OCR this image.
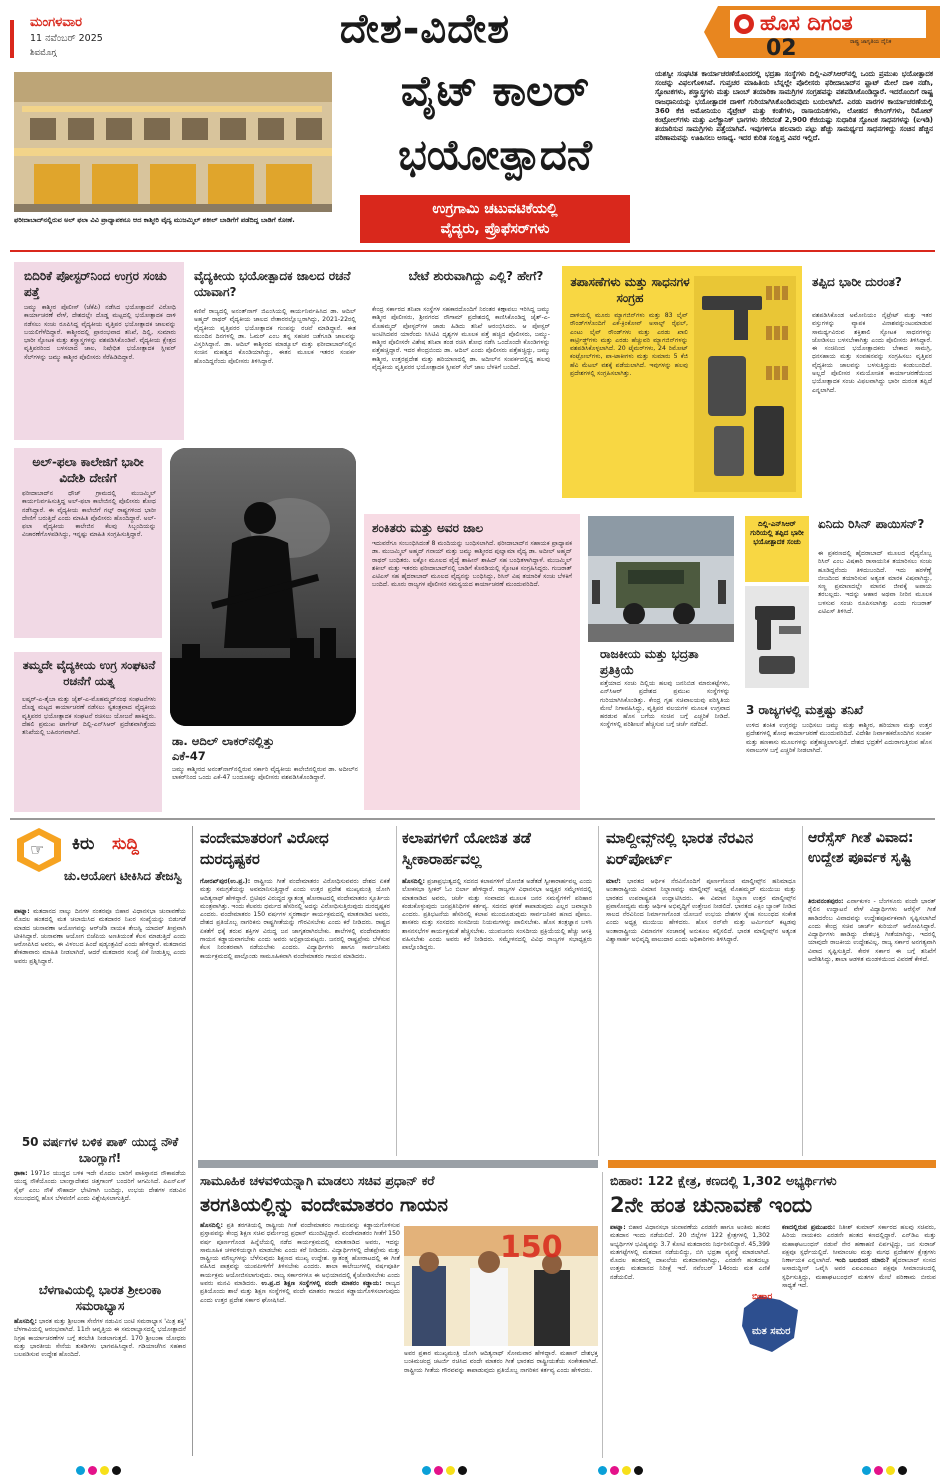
ಮಂಗಳವಾರ
11 ನವೆಂಬರ್ 2025
ಶಿವಮೊಗ್ಗ
ದೇಶ-ವಿದೇಶ	ಹೊಸ ದಿಗಂತ
ರಾಷ್ಟ್ರ ಜಾಗೃತಿಯ ದೈನಿಕ
02
ಫರೀದಾಬಾದ್‌ನಲ್ಲಿರುವ ಅಲ್ ಫಲಾ ವಿವಿ ಪ್ರಾಧ್ಯಾಪಕನೂ ಆದ ಕಾಶ್ಮೀರಿ ವೈದ್ಯ ಮುಜಮ್ಮಿಲ್ ಶಕೀಲ್ ಬಾಡಿಗೆಗೆ ಪಡೆದಿದ್ದ ಬಾಡಿಗೆ ಕೋಣೆ.
ವೈಟ್ ಕಾಲರ್
ಭಯೋತ್ಪಾದನೆ
ಉಗ್ರಗಾಮಿ ಚಟುವಟಿಕೆಯಲ್ಲಿ
ವೈದ್ಯರು, ಪ್ರೊಫೆಸರ್‌ಗಳು
ಯಶಸ್ವೀ ಸಂಘಟಿತ ಕಾರ್ಯಾಚರಣೆಯೊಂದರಲ್ಲಿ ಭದ್ರತಾ ಸಂಸ್ಥೆಗಳು ದಿಲ್ಲಿ-ಎನ್‌ಸಿಆರ್‌ನಲ್ಲಿ ಒಂದು ಪ್ರಮುಖ ಭಯೋತ್ಪಾದಕ ಸಂಚನ್ನು ವಿಫಲಗೊಳಿಸಿವೆ. ಗುಪ್ತಚರ ಮಾಹಿತಿಯ ಬೆನ್ನಲ್ಲೇ ಪೊಲೀಸರು ಫರೀದಾಬಾದ್‌ನ ಫ್ಲಾಟ್ ಮೇಲೆ ದಾಳಿ ನಡೆಸಿ, ಸ್ಫೋಟಕಗಳು, ಶಸ್ತ್ರಾಸ್ತ್ರಗಳು ಮತ್ತು ಬಾಂಬ್ ತಯಾರಿಕಾ ಸಾಮಗ್ರಿಗಳ ಸಂಗ್ರಹವನ್ನು ವಶಪಡಿಸಿಕೊಂಡಿದ್ದಾರೆ. ಇದರೊಂದಿಗೆ ರಾಷ್ಟ್ರ ರಾಜಧಾನಿಯನ್ನು ಭಯೋತ್ಪಾದಕ ದಾಳಿಗೆ ಗುರಿಯಾಗಿಸಿಕೊಂಡಿರುವುದು ಬಯಲಾಗಿದೆ. ಎರಡು ವಾರಗಳ ಕಾರ್ಯಾಚರಣೆಯಲ್ಲಿ 360 ಕೆಜಿ ಅಮೋನಿಯಂ ನೈಟ್ರೇಟ್ ಮತ್ತು ಕಂತೆಗಳು, ರಾಸಾಯನಿಕಗಳು, ಲೋಹದ ಕೇಸಿಂಗ್‌ಗಳು, ರಿಮೋಟ್ ಕಂಟ್ರೋಲ್‌ಗಳು ಮತ್ತು ಎಲೆಕ್ಟ್ರಾನಿಕ್ ಭಾಗಗಳು ಸೇರಿದಂತೆ 2,900 ಕೆಜಿಯಷ್ಟು ಸುಧಾರಿತ ಸ್ಫೋಟಕ ಸಾಧನಗಳನ್ನು (ಐಇಡಿ) ತಯಾರಿಸುವ ಸಾಮಗ್ರಿಗಳು ಪತ್ತೆಯಾಗಿವೆ. ಇವುಗಳಿಗೂ ಹಲವಾರು ಪಟ್ಟು ಹೆಚ್ಚು ಸಾಮರ್ಥ್ಯದ ಸಾಧನಗಳಿದ್ದು ಸಂಚಿನ ಹೆಚ್ಚಿನ ಪರಿಣಾಮವನ್ನು ಊಹಿಸಲು ಅಸಾಧ್ಯ. ಇದರ ಕುರಿತ ಸಂಕ್ಷಿಪ್ತ ವಿವರ ಇಲ್ಲಿದೆ.
ಬಿದಿರಿಕೆ ಪೋಸ್ಟರ್‌ನಿಂದ ಉಗ್ರರ ಸಂಚು ಪತ್ತೆ
ಜಮ್ಮು ಕಾಶ್ಮೀರ ಪೊಲೀಸ್ (ಜೆಕೆಪಿ) ನಡೆಸಿದ ಭಯೋತ್ಪಾದನೆ ವಿರೋಧಿ ಕಾರ್ಯಾಚರಣೆ ವೇಳೆ, ದೇಶದಲ್ಲೇ ದೊಡ್ಡ ಮಟ್ಟದಲ್ಲಿ ಭಯೋತ್ಪಾದಕ ದಾಳಿ ನಡೆಸಲು ಸಂಚು ರೂಪಿಸಿದ್ದ ವೈದ್ಯಕೀಯ ವೃತ್ತಿಪರ ಭಯೋತ್ಪಾದಕ ಜಾಲವನ್ನು ಬಯಲಿಗೆಳೆದಿದ್ದಾರೆ. ಕಾಶ್ಮೀರದಲ್ಲಿ ಪ್ರಾರಂಭವಾದ ತನಿಖೆ, ದಿಲ್ಲಿ, ಸುಮಾರು ಭಾರೀ ಸ್ಫೋಟಕ ಮತ್ತು ಶಸ್ತ್ರಾಸ್ತ್ರಗಳನ್ನು ವಶಪಡಿಸಿಕೊಂಡಿವೆ. ವೈದ್ಯಕೀಯ ಕ್ಷೇತ್ರದ ವೃತ್ತಿಪರರಿಂದ ಬಳಸಲಾದ ಜಾಲ, ನಿಷೇಧಿತ ಭಯೋತ್ಪಾದಕ ಸ್ಲೀಪರ್ ಸೆಲ್‌ಗಳನ್ನು ಜಮ್ಮು ಕಾಶ್ಮೀರ ಪೊಲೀಸರು ಸೆರೆಹಿಡಿದಿದ್ದಾರೆ.
ವೈದ್ಯಕೀಯ ಭಯೋತ್ಪಾದಕ ಜಾಲದ ರಚನೆ ಯಾವಾಗ?
ಕಣಿವೆ ರಾಜ್ಯದಲ್ಲಿ ಅನಂತ್‌ನಾಗ್ ಜಿಎಂಸಿಯಲ್ಲಿ ಕಾರ್ಯನಿರ್ವಹಿಸಿದ ಡಾ. ಆದಿಲ್ ಅಹ್ಮದ್ ರಾಥರ್ ವೈದ್ಯಕೀಯ ಜಾಲದ ನೇತಾರರಲ್ಲೊಬ್ಬರಾಗಿದ್ದು, 2021-22ರಲ್ಲಿ ವೈದ್ಯಕೀಯ ವೃತ್ತಿಪರರ ಭಯೋತ್ಪಾದಕ ಗುಂಪನ್ನು ರಚನೆ ಮಾಡಿದ್ದಾನೆ. ಈತ ಮುಂದಿನ ದಿನಗಳಲ್ಲಿ ಡಾ. ಓಮರ್ ಎಂಬ ತನ್ನ ಸಹಚರ ಜತೆಗೂಡಿ ಜಾಲವನ್ನು ವಿಸ್ತರಿಸಿದ್ದಾನೆ. ಡಾ. ಆದಿಲ್ ಕಾಶ್ಮೀರದ ಮಾಡ್ಯೂಲ್ ಮತ್ತು ಫರೀದಾಬಾದ್‌ನಲ್ಲಿನ ಸಂಚಿನ ಮಹತ್ವದ ಕೊಂಡಿಯಾಗಿದ್ದು, ಈತನ ಮೂಲಕ ಇತರರ ಸಂಪರ್ಕ ಹೊಂದಿದ್ದನೆಂದು ಪೊಲೀಸರು ತಿಳಿಸಿದ್ದಾರೆ.
ಬೇಟೆ ಶುರುವಾಗಿದ್ದು ಎಲ್ಲಿ? ಹೇಗೆ?
ಕೇಂದ್ರ ಸರ್ಕಾರದ ತನಿಖಾ ಸಂಸ್ಥೆಗಳ ಸಹಕಾರದೊಂದಿಗೆ ನಿರಂತರ ಕಣ್ಗಾವಲು ಇರಿಸಿದ್ದ ಜಮ್ಮು ಕಾಶ್ಮೀರ ಪೊಲೀಸರು, ಶ್ರೀನಗರದ ನೌಗಾಮ್ ಪ್ರದೇಶದಲ್ಲಿ ಕಾಣಿಸಿಕೊಂಡಿದ್ದ ಜೈಶ್-ಎ-ಮೊಹಮ್ಮದ್ ಪೋಸ್ಟರ್‌ಗಳ ಜಾಡು ಹಿಡಿದು ತನಿಖೆ ಆರಂಭಿಸಿದರು. ಆ ಪೋಸ್ಟರ್ ಅಂಟಿಸಿದವರ ಯಾರೆಂದು ಸಿಸಿಟಿವಿ ದೃಶ್ಯಗಳ ಮೂಲಕ ಪತ್ತೆ ಹಚ್ಚಿದ ಪೊಲೀಸರು, ಜಮ್ಮು-ಕಾಶ್ಮೀರ ಪೊಲೀಸರೇ ವಿಶೇಷ ತನಿಖಾ ತಂಡ ರಚಿಸಿ ಶೋಧ ನಡೆಸಿ ಒಂದೊಂದೇ ಕೊಂಡಿಗಳನ್ನು ಪತ್ತೆಹಚ್ಚಿದ್ದಾರೆ. ಇದರ ಕೇಂದ್ರಬಿಂದು ಡಾ. ಆದಿಲ್ ಎಂದು ಪೊಲೀಸರು ಪತ್ತೆಹಚ್ಚಿದ್ದು, ಜಮ್ಮು ಕಾಶ್ಮೀರ, ಉತ್ತರಪ್ರದೇಶ ಮತ್ತು ಹರಿಯಾಣದಲ್ಲಿ ಡಾ. ಅದೀಲ್‌ನ ಸಂಪರ್ಕದಲ್ಲಿದ್ದ ಹಲವು ವೈದ್ಯಕೀಯ ವೃತ್ತಿಪರರ ಭಯೋತ್ಪಾದಕ ಸ್ಲೀಪರ್ ಸೆಲ್ ಜಾಲ ಬೆಳಕಿಗೆ ಬಂದಿದೆ.
ತಪಾಸಣೆಗಳು ಮತ್ತು ಸಾಧನಗಳ ಸಂಗ್ರಹ
ದಾಳಿಯಲ್ಲಿ ಮೂರು ಮ್ಯಾಗಜಿನ್‌ಗಳು ಮತ್ತು 83 ಲೈವ್ ರೌಂಡ್‌ಗಳೊಂದಿಗೆ ಎಕೆ-ಕ್ರಿಂಕೋವ್ ಅಸಾಲ್ಟ್ ರೈಫಲ್, ಎಂಟು ಲೈವ್ ರೌಂಡ್‌ಗಳು ಮತ್ತು ಎರಡು ಖಾಲಿ ಕಾರ್ಟ್ರಿಡ್ಜ್‌ಗಳು ಮತ್ತು ಎರಡು ಹೆಚ್ಚುವರಿ ಮ್ಯಾಗಜಿನ್‌ಗಳನ್ನು ವಶಪಡಿಸಿಕೊಳ್ಳಲಾಗಿದೆ. 20 ಟೈಮರ್‌ಗಳು, 24 ರಿಮೋಟ್ ಕಂಟ್ರೋಲ್‌ಗಳು, ಪಾ-ಟಾಕೀಗಳು ಮತ್ತು ಸುಮಾರು 5 ಕೆಜಿ ಹೆವಿ ಮೆಟಲ್ ವಶಕ್ಕೆ ಪಡೆಯಲಾಗಿದೆ. ಇವುಗಳನ್ನು ಹಲವು ಪ್ರದೇಶಗಳಲ್ಲಿ ಸಂಗ್ರಹಿಸಲಾಗಿತ್ತು.
ತಪ್ಪಿದ ಭಾರೀ ದುರಂತ?
ವಶಪಡಿಸಿಕೊಂಡ ಅಮೋನಿಯಂ ನೈಟ್ರೇಟ್ ಮತ್ತು ಇತರ ವಸ್ತುಗಳನ್ನು ವ್ಯಾಪಕ ವಿನಾಶವನ್ನುಂಟುಮಾಡುವ ಸಾಮರ್ಥ್ಯವಿರುವ ಶಕ್ತಿಶಾಲಿ ಸ್ಫೋಟಕ ಸಾಧನಗಳನ್ನು ಜೋಡಿಸಲು ಬಳಸಬೇಕಾಗಿತ್ತು ಎಂದು ಪೊಲೀಸರು ತಿಳಿಸಿದ್ದಾರೆ. ಈ ಸಂಚಿನಿಂದ ಭಯೋತ್ಪಾದಕರು ಬೇಕಾದ ಸಾಮಗ್ರಿ, ಧನಸಹಾಯ ಮತ್ತು ಸಂವಹನವನ್ನು ಸಂಗ್ರಹಿಸಲು ವೃತ್ತಿಪರ ವೈದ್ಯಕೀಯ ಜಾಲವನ್ನು ಬಳಸುತ್ತಿದ್ದುದು ಕಂಡುಬಂದಿದೆ. ಅಲ್ಲದೆ ಪೊಲೀಸರ ಸಮಯೋಚಿತ ಕಾರ್ಯಾಚರಣೆಯಿಂದ ಭಯೋತ್ಪಾದಕ ಸಂಚು ವಿಫಲವಾಗಿದ್ದು ಭಾರೀ ದುರಂತ ತಪ್ಪಿದೆ ಎನ್ನಲಾಗಿದೆ.
ಅಲ್-ಫಲಾ ಕಾಲೇಜಿಗೆ ಭಾರೀ ವಿದೇಶಿ ದೇಣಿಗೆ
ಫರೀದಾಬಾದ್‌ನ ಧೌಜ್ ಗ್ರಾಮದಲ್ಲಿ ಮುಜಮ್ಮಿಲ್ ಕಾರ್ಯನಿರ್ವಹಿಸುತ್ತಿದ್ದ ಅಲ್-ಫಲಾ ಕಾಲೇಜಿನಲ್ಲಿ ಪೊಲೀಸರು ಶೋಧ ನಡೆಸಿದ್ದಾರೆ. ಈ ವೈದ್ಯಕೀಯ ಕಾಲೇಜಿಗೆ ಗಲ್ಫ್ ರಾಷ್ಟ್ರಗಳಿಂದ ಭಾರೀ ದೇಣಿಗೆ ಬರುತ್ತಿದೆ ಎಂದು ಮಾಹಿತಿ ಪೊಲೀಸರು ಹೊಂದಿದ್ದಾರೆ. ಅಲ್-ಫಲಾ ವೈದ್ಯಕೀಯ ಕಾಲೇಜಿನ ಕೆಲವು ಸಿಬ್ಬಂದಿಯನ್ನು ವಿಚಾರಣೆಗೊಳಪಡಿಸಿದ್ದು, ಇನ್ನಷ್ಟು ಮಾಹಿತಿ ಸಂಗ್ರಹಿಸುತ್ತಿದ್ದಾರೆ.	ಶಂಕಿತರು ಮತ್ತು ಅವರ ಜಾಲ
ಇದುವರೆಗೂ ಸಂಬಂಧಿಸಿದಂತೆ 8 ಮಂದಿಯನ್ನು ಬಂಧಿಸಲಾಗಿದೆ. ಫರೀದಾಬಾದ್‌ನ ಸಹಾಯಕ ಪ್ರಾಧ್ಯಾಪಕ ಡಾ. ಮುಜಮ್ಮಿಲ್ ಅಹ್ಮದ್ ಗನಾಯ್ ಮತ್ತು ಜಮ್ಮು ಕಾಶ್ಮೀರದ ಪುಲ್ವಾಮಾ ವೈದ್ಯ ಡಾ. ಅದೀಲ್ ಅಹ್ಮದ್ ರಾಥರ್ ಬಂಧಿತರು. ಲಕ್ನೋ ಮೂಲದ ವೈದ್ಯೆ ಶಾಹೀನ್ ಶಾಹಿದ್ ಸಹ ಬಂಧಿತಳಾಗಿದ್ದಾಳೆ. ಮುಜಮ್ಮಿಲ್ ಶಕೀಲ್ ಮತ್ತು ಇತರರು ಫರೀದಾಬಾದ್‌ನಲ್ಲಿ ಬಾಡಿಗೆ ಕೊಠಡಿಯಲ್ಲಿ ಸ್ಫೋಟಕ ಸಂಗ್ರಹಿಸಿದ್ದರು. ಗುಜರಾತ್ ಎಟಿಎಸ್ ಸಹ ಹೈದರಾಬಾದ್ ಮೂಲದ ವೈದ್ಯನನ್ನು ಬಂಧಿಸಿದ್ದು, ರಿಸಿನ್ ವಿಷ ತಯಾರಿಕೆ ಸಂಚು ಬೆಳಕಿಗೆ ಬಂದಿದೆ. ಮೂರು ರಾಜ್ಯಗಳ ಪೊಲೀಸರ ಸಮನ್ವಯದ ಕಾರ್ಯಾಚರಣೆ ಮುಂದುವರಿದಿದೆ.
ರಾಜಕೀಯ ಮತ್ತು ಭದ್ರತಾ ಪ್ರತಿಕ್ರಿಯೆ
ಪತ್ತೆಯಾದ ಸಂಚು ದಿಲ್ಲಿಯ ಹಲವು ಜನನಿಬಿಡ ಮಾರುಕಟ್ಟೆಗಳು, ಎನ್‌ಸಿಆರ್ ಪ್ರದೇಶದ ಪ್ರಮುಖ ಸಂಸ್ಥೆಗಳನ್ನು ಗುರಿಯಾಗಿಸಿಕೊಂಡಿತ್ತು. ಕೇಂದ್ರ ಗೃಹ ಸಚಿವಾಲಯವು ಪರಿಸ್ಥಿತಿಯ ಮೇಲೆ ನಿಗಾವಹಿಸಿದ್ದು, ವೃತ್ತಿಪರ ವಲಯಗಳ ಮೂಲಕ ಉಗ್ರವಾದ ಹರಡುವ ಹೊಸ ಬಗೆಯ ಸಂಚಿನ ಬಗ್ಗೆ ಎಚ್ಚರಿಕೆ ನೀಡಿದೆ. ಸಂಸ್ಥೆಗಳಲ್ಲಿ ಪರಿಶೀಲನೆ ಹೆಚ್ಚಿಸುವ ಬಗ್ಗೆ ಚರ್ಚೆ ನಡೆದಿದೆ.
ದಿಲ್ಲಿ-ಎನ್‌ಸಿಆರ್ ಗುರಿಯಲ್ಲಿ ತಪ್ಪಿದ ಭಾರೀ ಭಯೋತ್ಪಾದಕ ಸಂಚು
ಏನಿದು ರಿಸಿನ್ ಪಾಯಿಸನ್?
ಈ ಪ್ರಕರಣದಲ್ಲಿ ಹೈದರಾಬಾದ್ ಮೂಲದ ವೈದ್ಯನೊಬ್ಬ ರಿಸಿನ್ ಎಂಬ ವಿಷಕಾರಿ ರಾಸಾಯನಿಕ ತಯಾರಿಸಲು ಸಂಚು ಹೂಡಿದ್ದನೆಂದು ತಿಳಿದುಬಂದಿದೆ. ಇದು ಹರಳೆಣ್ಣೆ ಬೀಜದಿಂದ ತಯಾರಿಸುವ ಅತ್ಯಂತ ಮಾರಕ ವಿಷವಾಗಿದ್ದು, ಸಣ್ಣ ಪ್ರಮಾಣದಲ್ಲೇ ಮಾನವ ಜೀವಕ್ಕೆ ಅಪಾಯ ತರಬಲ್ಲದು. ಇದನ್ನು ಆಹಾರ ಅಥವಾ ನೀರಿನ ಮೂಲಕ ಬಳಸುವ ಸಂಚು ರೂಪಿಸಲಾಗಿತ್ತು ಎಂದು ಗುಜರಾತ್ ಎಟಿಎಸ್ ತಿಳಿಸಿದೆ.
3 ರಾಜ್ಯಗಳಲ್ಲಿ ಮತ್ತಷ್ಟು ತನಿಖೆ
ಉಳಿದ ಶಂಕಿತ ಉಗ್ರರನ್ನು ಬಂಧಿಸಲು ಜಮ್ಮು ಮತ್ತು ಕಾಶ್ಮೀರ, ಹರಿಯಾಣ ಮತ್ತು ಉತ್ತರ ಪ್ರದೇಶಗಳಲ್ಲಿ ಶೋಧ ಕಾರ್ಯಾಚರಣೆ ಮುಂದುವರಿದಿದೆ. ವಿದೇಶೀ ನಿರ್ವಾಹಕರೊಂದಿಗಿನ ಸಂಪರ್ಕ ಮತ್ತು ಹಣಕಾಸು ಮೂಲಗಳನ್ನು ಪತ್ತೆಹಚ್ಚಲಾಗುತ್ತಿದೆ. ದೇಶದ ಭದ್ರತೆಗೆ ಎದುರಾಗುತ್ತಿರುವ ಹೊಸ ಸವಾಲುಗಳ ಬಗ್ಗೆ ಎಚ್ಚರಿಕೆ ನೀಡಲಾಗಿದೆ.
ತಮ್ಮದೇ ವೈದ್ಯಕೀಯ ಉಗ್ರ ಸಂಘಟನೆ ರಚನೆಗೆ ಯತ್ನ
ಲಷ್ಕರ್-ಎ-ತೈಬಾ ಮತ್ತು ಜೈಶ್-ಎ-ಮೊಹಮ್ಮದ್‌ನಂಥ ಸಂಘಟನೆಗಳು ದೊಡ್ಡ ಮಟ್ಟದ ಕಾರ್ಯಾಚರಣೆ ನಡೆಸಲು ಸ್ವತಂತ್ರವಾದ ವೈದ್ಯಕೀಯ ವೃತ್ತಿಪರರ ಭಯೋತ್ಪಾದಕ ಸಂಘಟನೆ ರಚಿಸಲು ಯೋಜನೆ ಹಾಕಿದ್ದರು. ದೆಹಲಿ ಪ್ರಮುಖ ಟಾರ್ಗೆಟ್ ದಿಲ್ಲಿ-ಎನ್‌ಸಿಆರ್ ಪ್ರದೇಶವಾಗಿತ್ತೆಂದು ತನಿಖೆಯಲ್ಲಿ ಬಹಿರಂಗವಾಗಿದೆ.
ಡಾ. ಆದಿಲ್ ಲಾಕರ್‌ನಲ್ಲಿತ್ತು ಎಕೆ-47
ಜಮ್ಮು ಕಾಶ್ಮೀರದ ಅನಂತ್‌ನಾಗ್‌ನಲ್ಲಿರುವ ಸರ್ಕಾರಿ ವೈದ್ಯಕೀಯ ಕಾಲೇಜಿನಲ್ಲಿರುವ ಡಾ. ಅದೀಲ್‌ನ ಲಾಕರ್‌ನಿಂದ ಒಂದು ಎಕೆ-47 ಬಂದೂಕನ್ನು ಪೊಲೀಸರು ವಶಪಡಿಸಿಕೊಂಡಿದ್ದಾರೆ.
☞ ಕಿರು ಸುದ್ದಿ
ಚು.ಆಯೋಗ ಟೀಕಿಸಿದ ತೇಜಸ್ವಿ
ಪಾಟ್ನಾ: ಮತದಾನದ ನಾಲ್ಕು ದಿನಗಳ ನಂತರವೂ ಬಿಹಾರ ವಿಧಾನಸಭಾ ಚುನಾವಣೆಯ ಮೊದಲ ಹಂತದಲ್ಲಿ ಮತ ಚಲಾಯಿಸಿದ ಮತದಾರರ ನಿಖರ ಸಂಖ್ಯೆಯನ್ನು ಬಿಡುಗಡೆ ಮಾಡದ ಚುನಾವಣಾ ಆಯೋಗವನ್ನು ಆರ್‌ಜೆಡಿ ನಾಯಕ ತೇಜಸ್ವಿ ಯಾದವ್ ತೀವ್ರವಾಗಿ ಟೀಕಿಸಿದ್ದಾರೆ. ಚುನಾವಣಾ ಆಯೋಗ ಬಿಜೆಪಿಯ ಅಣತಿಯಂತೆ ಕೆಲಸ ಮಾಡುತ್ತಿದೆ ಎಂದು ಆರೋಪಿಸಿದ ಅವರು, ಈ ವಿಳಂಬದ ಹಿಂದೆ ಷಡ್ಯಂತ್ರವಿದೆ ಎಂದು ಹೇಳಿದ್ದಾರೆ. ಮತದಾನದ ಶೇಕಡಾವಾರು ಮಾಹಿತಿ ನೀಡಲಾಗಿದೆ, ಆದರೆ ಮತದಾರರ ಸಂಖ್ಯೆ ಏಕೆ ನೀಡುತ್ತಿಲ್ಲ ಎಂದು ಅವರು ಪ್ರಶ್ನಿಸಿದ್ದಾರೆ.
50 ವರ್ಷಗಳ ಬಳಿಕ ಪಾಕ್ ಯುದ್ಧ ನೌಕೆ ಬಾಂಗ್ಲಾಗೆ!
ಢಾಕಾ: 1971ರ ಯುದ್ಧದ ಬಳಿಕ ಇದೇ ಮೊದಲ ಬಾರಿಗೆ ಪಾಕಿಸ್ತಾನದ ನೌಕಾಪಡೆಯ ಯುದ್ಧ ನೌಕೆಯೊಂದು ಬಾಂಗ್ಲಾದೇಶದ ಚಿತ್ತಗಾಂಗ್ ಬಂದರಿಗೆ ಆಗಮಿಸಿದೆ. ಪಿಎನ್‌ಎಸ್ ಸೈಫ್ ಎಂಬ ನೌಕೆ ಸೌಹಾರ್ದ ಭೇಟಿಗಾಗಿ ಬಂದಿದ್ದು, ಉಭಯ ದೇಶಗಳ ನಡುವಿನ ಸಂಬಂಧದಲ್ಲಿ ಹೊಸ ಬೆಳವಣಿಗೆ ಎಂದು ವಿಶ್ಲೇಷಿಸಲಾಗುತ್ತಿದೆ.
ಬೆಳಗಾವಿಯಲ್ಲಿ ಭಾರತ ಶ್ರೀಲಂಕಾ ಸಮರಾಭ್ಯಾಸ
ಹೊಸದಿಲ್ಲಿ: ಭಾರತ ಮತ್ತು ಶ್ರೀಲಂಕಾ ಸೇನೆಗಳ ನಡುವಿನ ಜಂಟಿ ಸಮರಾಭ್ಯಾಸ 'ಮಿತ್ರ ಶಕ್ತಿ' ಬೆಳಗಾವಿಯಲ್ಲಿ ಆರಂಭವಾಗಿದೆ. 11ನೇ ಆವೃತ್ತಿಯ ಈ ಸಮರಾಭ್ಯಾಸದಲ್ಲಿ ಭಯೋತ್ಪಾದನೆ ನಿಗ್ರಹ ಕಾರ್ಯಾಚರಣೆಗಳ ಬಗ್ಗೆ ತರಬೇತಿ ನೀಡಲಾಗುತ್ತದೆ. 170 ಶ್ರೀಲಂಕಾ ಯೋಧರು ಮತ್ತು ಭಾರತೀಯ ಸೇನೆಯ ತುಕಡಿಗಳು ಭಾಗವಹಿಸಿದ್ದಾರೆ. ಗಡಿಯಾಚೆಗಿನ ಸಹಕಾರ ಬಲಪಡಿಸುವ ಉದ್ದೇಶ ಹೊಂದಿದೆ.
ವಂದೇಮಾತರಂಗೆ ವಿರೋಧ ದುರದೃಷ್ಟಕರ
ಗೋರಖ್‌ಪುರ(ಉ.ಪ್ರ.): ರಾಷ್ಟ್ರೀಯ ಗೀತೆ ವಂದೇಮಾತರಂ ವಿರೋಧಿಸುವವರು ದೇಶದ ಏಕತೆ ಮತ್ತು ಸಮಗ್ರತೆಯನ್ನು ಅವಮಾನಿಸುತ್ತಿದ್ದಾರೆ ಎಂದು ಉತ್ತರ ಪ್ರದೇಶ ಮುಖ್ಯಮಂತ್ರಿ ಯೋಗಿ ಆದಿತ್ಯನಾಥ್ ಹೇಳಿದ್ದಾರೆ. ಬ್ರಿಟಿಷರ ವಿರುದ್ಧದ ಸ್ವಾತಂತ್ರ್ಯ ಹೋರಾಟದಲ್ಲಿ ವಂದೇಮಾತರಂ ಸ್ಫೂರ್ತಿಯ ಮಂತ್ರವಾಗಿತ್ತು. ಇಂದು ಕೆಲವರು ಧರ್ಮದ ಹೆಸರಿನಲ್ಲಿ ಅದನ್ನು ವಿರೋಧಿಸುತ್ತಿರುವುದು ದುರದೃಷ್ಟಕರ ಎಂದರು. ವಂದೇಮಾತರಂ 150 ವರ್ಷಗಳ ಸ್ಮರಣಾರ್ಥ ಕಾರ್ಯಕ್ರಮದಲ್ಲಿ ಮಾತನಾಡಿದ ಅವರು, ದೇಶದ ಪ್ರತಿಯೊಬ್ಬ ನಾಗರಿಕನು ರಾಷ್ಟ್ರಗೀತೆಯನ್ನು ಗೌರವಿಸಬೇಕು ಎಂದು ಕರೆ ನೀಡಿದರು. ರಾಷ್ಟ್ರದ ಏಕತೆಗೆ ಧಕ್ಕೆ ತರುವ ಶಕ್ತಿಗಳ ವಿರುದ್ಧ ಜನ ಜಾಗೃತರಾಗಿರಬೇಕು. ಶಾಲೆಗಳಲ್ಲಿ ವಂದೇಮಾತರಂ ಗಾಯನ ಕಡ್ಡಾಯವಾಗಬೇಕು ಎಂದು ಅವರು ಅಭಿಪ್ರಾಯಪಟ್ಟರು. ಜನರಲ್ಲಿ ರಾಷ್ಟ್ರಪ್ರೇಮ ಬೆಳೆಸುವ ಕೆಲಸ ನಿರಂತರವಾಗಿ ನಡೆಯಬೇಕು ಎಂದರು. ವಿದ್ಯಾರ್ಥಿಗಳು ಹಾಗೂ ಸಾರ್ವಜನಿಕರು ಕಾರ್ಯಕ್ರಮದಲ್ಲಿ ಪಾಲ್ಗೊಂಡು ಸಾಮೂಹಿಕವಾಗಿ ವಂದೇಮಾತರಂ ಗಾಯನ ಮಾಡಿದರು.
ಕಲಾಪಗಳಿಗೆ ಯೋಜಿತ ತಡೆ ಸ್ವೀಕಾರಾರ್ಹವಲ್ಲ
ಹೊಸದಿಲ್ಲಿ: ಪ್ರಜಾಪ್ರಭುತ್ವದಲ್ಲಿ ಸದನದ ಕಲಾಪಗಳಿಗೆ ಯೋಜಿತ ಅಡೆತಡೆ ಸ್ವೀಕಾರಾರ್ಹವಲ್ಲ ಎಂದು ಲೋಕಸಭಾ ಸ್ಪೀಕರ್ ಓಂ ಬಿರ್ಲಾ ಹೇಳಿದ್ದಾರೆ. ರಾಜ್ಯಗಳ ವಿಧಾನಸಭಾ ಅಧ್ಯಕ್ಷರ ಸಮ್ಮೇಳನದಲ್ಲಿ ಮಾತನಾಡಿದ ಅವರು, ಚರ್ಚೆ ಮತ್ತು ಸಂವಾದದ ಮೂಲಕ ಜನರ ಸಮಸ್ಯೆಗಳಿಗೆ ಪರಿಹಾರ ಕಂಡುಕೊಳ್ಳುವುದು ಜನಪ್ರತಿನಿಧಿಗಳ ಕರ್ತವ್ಯ. ಸದನದ ಘನತೆ ಕಾಪಾಡುವುದು ಎಲ್ಲರ ಜವಾಬ್ದಾರಿ ಎಂದರು. ಪ್ರತಿಭಟನೆಯ ಹೆಸರಿನಲ್ಲಿ ಕಲಾಪ ಮುಂದೂಡುವುದು ಸಾರ್ವಜನಿಕರ ಹಣದ ಪೋಲು. ಶಾಸಕರು ಮತ್ತು ಸಂಸದರು ಸಂಸದೀಯ ನಿಯಮಗಳನ್ನು ಪಾಲಿಸಬೇಕು. ಹೊಸ ತಂತ್ರಜ್ಞಾನ ಬಳಸಿ ಶಾಸನಸಭೆಗಳ ಕಾರ್ಯಕ್ಷಮತೆ ಹೆಚ್ಚಿಸಬೇಕು. ಯುವಜನರು ಸಂಸದೀಯ ಪ್ರಕ್ರಿಯೆಯಲ್ಲಿ ಹೆಚ್ಚು ಆಸಕ್ತಿ ವಹಿಸಬೇಕು ಎಂದು ಅವರು ಕರೆ ನೀಡಿದರು. ಸಮ್ಮೇಳನದಲ್ಲಿ ವಿವಿಧ ರಾಜ್ಯಗಳ ಸಭಾಧ್ಯಕ್ಷರು ಪಾಲ್ಗೊಂಡಿದ್ದರು.
ಮಾಲ್ದೀವ್ಸ್‌ನಲ್ಲಿ ಭಾರತ ನೆರವಿನ ಏರ್‌ಪೋರ್ಟ್
ಮಾಲೆ: ಭಾರತದ ಆರ್ಥಿಕ ನೆರವಿನೊಂದಿಗೆ ಪೂರ್ಣಗೊಂಡ ಮಾಲ್ದೀವ್ಸ್‌ನ ಹನಿಮಾಧೂ ಅಂತಾರಾಷ್ಟ್ರೀಯ ವಿಮಾನ ನಿಲ್ದಾಣವನ್ನು ಮಾಲ್ದೀವ್ಸ್ ಅಧ್ಯಕ್ಷ ಮೊಹಮ್ಮದ್ ಮುಯಿಜು ಮತ್ತು ಭಾರತದ ಉಪರಾಷ್ಟ್ರಪತಿ ಉದ್ಘಾಟಿಸಿದರು. ಈ ವಿಮಾನ ನಿಲ್ದಾಣ ಉತ್ತರ ಮಾಲ್ದೀವ್ಸ್‌ನ ಪ್ರವಾಸೋದ್ಯಮ ಮತ್ತು ಆರ್ಥಿಕ ಅಭಿವೃದ್ಧಿಗೆ ಉತ್ತೇಜನ ನೀಡಲಿದೆ. ಭಾರತದ ಎಕ್ಸಿಂ ಬ್ಯಾಂಕ್ ನೀಡಿದ ಸಾಲದ ನೆರವಿನಿಂದ ನಿರ್ಮಾಣಗೊಂಡ ಯೋಜನೆ ಉಭಯ ದೇಶಗಳ ಸ್ನೇಹ ಸಂಬಂಧದ ಸಂಕೇತ ಎಂದು ಅಧ್ಯಕ್ಷ ಮುಯಿಜು ಹೇಳಿದರು. ಹೊಸ ರನ್‌ವೇ ಮತ್ತು ಟರ್ಮಿನಲ್ ಕಟ್ಟಡವು ಅಂತಾರಾಷ್ಟ್ರೀಯ ವಿಮಾನಗಳ ಸಂಚಾರಕ್ಕೆ ಅನುಕೂಲ ಕಲ್ಪಿಸಲಿದೆ. ಭಾರತ ಮಾಲ್ದೀವ್ಸ್‌ನ ಅತ್ಯಂತ ವಿಶ್ವಾಸಾರ್ಹ ಅಭಿವೃದ್ಧಿ ಪಾಲುದಾರ ಎಂದು ಅಧಿಕಾರಿಗಳು ತಿಳಿಸಿದ್ದಾರೆ.
ಆರೆಸ್ಸೆಸ್ ಗೀತೆ ವಿವಾದ: ಉದ್ದೇಶ ಪೂರ್ವಕ ಸೃಷ್ಟಿ
ತಿರುವನಂತಪುರಂ: ಎರ್ನಾಕುಳಂ - ಬೆಂಗಳೂರು ವಂದೇ ಭಾರತ್ ರೈಲಿನ ಉದ್ಘಾಟನೆ ವೇಳೆ ವಿದ್ಯಾರ್ಥಿಗಳು ಆರೆಸ್ಸೆಸ್ ಗೀತೆ ಹಾಡಿದರೆಂಬ ವಿವಾದವನ್ನು ಉದ್ದೇಶಪೂರ್ವಕವಾಗಿ ಸೃಷ್ಟಿಸಲಾಗಿದೆ ಎಂದು ಕೇಂದ್ರ ಸಚಿವ ಜಾರ್ಜ್ ಕುರಿಯನ್ ಆರೋಪಿಸಿದ್ದಾರೆ. ವಿದ್ಯಾರ್ಥಿಗಳು ಹಾಡಿದ್ದು ದೇಶಭಕ್ತಿ ಗೀತೆಯಾಗಿದ್ದು, ಇದರಲ್ಲಿ ಯಾವುದೇ ರಾಜಕೀಯ ಉದ್ದೇಶವಿಲ್ಲ. ರಾಜ್ಯ ಸರ್ಕಾರ ಅನಗತ್ಯವಾಗಿ ವಿವಾದ ಸೃಷ್ಟಿಸುತ್ತಿದೆ. ಕೇರಳ ಸರ್ಕಾರ ಈ ಬಗ್ಗೆ ತನಿಖೆಗೆ ಆದೇಶಿಸಿದ್ದು, ಶಾಲಾ ಆಡಳಿತ ಮಂಡಳಿಯಿಂದ ವಿವರಣೆ ಕೇಳಿದೆ.
ಸಾಮೂಹಿಕ ಚಳವಳಿಯನ್ನಾಗಿ ಮಾಡಲು ಸಚಿವ ಪ್ರಧಾನ್ ಕರೆ
ತರಗತಿಯಲ್ಲಿನ್ನು ವಂದೇಮಾತರಂ ಗಾಯನ
ಹೊಸದಿಲ್ಲಿ: ಪ್ರತಿ ತರಗತಿಯಲ್ಲಿ ರಾಷ್ಟ್ರೀಯ ಗೀತೆ ವಂದೇಮಾತರಂ ಗಾಯನವನ್ನು ಕಡ್ಡಾಯಗೊಳಿಸುವ ಪ್ರಸ್ತಾಪವನ್ನು ಕೇಂದ್ರ ಶಿಕ್ಷಣ ಸಚಿವ ಧರ್ಮೇಂದ್ರ ಪ್ರಧಾನ್ ಮುಂದಿಟ್ಟಿದ್ದಾರೆ. ವಂದೇಮಾತರಂ ಗೀತೆಗೆ 150 ವರ್ಷ ಪೂರ್ಣಗೊಂಡ ಹಿನ್ನೆಲೆಯಲ್ಲಿ ನಡೆದ ಕಾರ್ಯಕ್ರಮದಲ್ಲಿ ಮಾತನಾಡಿದ ಅವರು, ಇದನ್ನು ಸಾಮೂಹಿಕ ಚಳವಳಿಯನ್ನಾಗಿ ಮಾಡಬೇಕು ಎಂದು ಕರೆ ನೀಡಿದರು. ವಿದ್ಯಾರ್ಥಿಗಳಲ್ಲಿ ದೇಶಪ್ರೇಮ ಮತ್ತು ರಾಷ್ಟ್ರೀಯ ಮೌಲ್ಯಗಳನ್ನು ಬೆಳೆಸುವುದು ಶಿಕ್ಷಣದ ಮುಖ್ಯ ಉದ್ದೇಶ. ಸ್ವಾತಂತ್ರ್ಯ ಹೋರಾಟದಲ್ಲಿ ಈ ಗೀತೆ ವಹಿಸಿದ ಪಾತ್ರವನ್ನು ಯುವಪೀಳಿಗೆಗೆ ತಿಳಿಸಬೇಕು ಎಂದರು. ಶಾಲಾ ಕಾಲೇಜುಗಳಲ್ಲಿ ವರ್ಷಪೂರ್ತಿ ಕಾರ್ಯಕ್ರಮ ಆಯೋಜಿಸಲಾಗುವುದು. ರಾಜ್ಯ ಸರ್ಕಾರಗಳೂ ಈ ಅಭಿಯಾನದಲ್ಲಿ ಕೈಜೋಡಿಸಬೇಕು ಎಂದು ಅವರು ಮನವಿ ಮಾಡಿದರು. ಉ.ಪ್ರ.ದ ಶಿಕ್ಷಣ ಸಂಸ್ಥೆಗಳಲ್ಲಿ ವಂದೇ ಮಾತರಂ ಕಡ್ಡಾಯ: ರಾಜ್ಯದ ಪ್ರತಿಯೊಂದು ಶಾಲೆ ಮತ್ತು ಶಿಕ್ಷಣ ಸಂಸ್ಥೆಗಳಲ್ಲಿ ವಂದೇ ಮಾತರಂ ಗಾಯನ ಕಡ್ಡಾಯಗೊಳಿಸಲಾಗುವುದು ಎಂದು ಉತ್ತರ ಪ್ರದೇಶ ಸರ್ಕಾರ ಘೋಷಿಸಿದೆ.
150
ಅವರ ಪ್ರಕಾರ ಮುಖ್ಯಮಂತ್ರಿ ಯೋಗಿ ಆದಿತ್ಯನಾಥ್ ಸೋಮವಾರ ಹೇಳಿದ್ದಾರೆ. ಮಹಾನ್ ದೇಶಭಕ್ತ ಬಂಕಿಮಚಂದ್ರ ಚಟರ್ಜಿ ರಚಿಸಿದ ವಂದೇ ಮಾತರಂ ಗೀತೆ ಭಾರತದ ರಾಷ್ಟ್ರೀಯತೆಯ ಸಂಕೇತವಾಗಿದೆ. ರಾಷ್ಟ್ರೀಯ ಗೀತೆಯ ಗೌರವವನ್ನು ಕಾಪಾಡುವುದು ಪ್ರತಿಯೊಬ್ಬ ನಾಗರಿಕನ ಕರ್ತವ್ಯ ಎಂದು ಹೇಳಿದರು.
ಬಿಹಾರ: 122 ಕ್ಷೇತ್ರ, ಕಣದಲ್ಲಿ 1,302 ಅಭ್ಯರ್ಥಿಗಳು
2ನೇ ಹಂತ ಚುನಾವಣೆ ಇಂದು
ಪಾಟ್ನಾ: ಬಿಹಾರ ವಿಧಾನಸಭಾ ಚುನಾವಣೆಯ ಎರಡನೇ ಹಾಗೂ ಅಂತಿಮ ಹಂತದ ಮತದಾನ ಇಂದು ನಡೆಯಲಿದೆ. 20 ಜಿಲ್ಲೆಗಳ 122 ಕ್ಷೇತ್ರಗಳಲ್ಲಿ 1,302 ಅಭ್ಯರ್ಥಿಗಳ ಭವಿಷ್ಯವನ್ನು 3.7 ಕೋಟಿ ಮತದಾರರು ನಿರ್ಧರಿಸಲಿದ್ದಾರೆ. 45,399 ಮತಗಟ್ಟೆಗಳಲ್ಲಿ ಮತದಾನ ನಡೆಯಲಿದ್ದು, ಬಿಗಿ ಭದ್ರತಾ ವ್ಯವಸ್ಥೆ ಮಾಡಲಾಗಿದೆ. ಮೊದಲ ಹಂತದಲ್ಲಿ ದಾಖಲೆಯ ಮತದಾನವಾಗಿದ್ದು, ಎರಡನೇ ಹಂತದಲ್ಲೂ ಉತ್ತಮ ಮತದಾನದ ನಿರೀಕ್ಷೆ ಇದೆ. ನವೆಂಬರ್ 14ರಂದು ಮತ ಎಣಿಕೆ ನಡೆಯಲಿದೆ.
ಬಿಹಾರ
ಮತ ಸಮರ
ಕಣದಲ್ಲಿರುವ ಪ್ರಮುಖರು: ನಿತೀಶ್ ಕುಮಾರ್ ಸರ್ಕಾರದ ಹಲವು ಸಚಿವರು, ಹಿರಿಯ ನಾಯಕರು ಎರಡನೇ ಹಂತದ ಕಣದಲ್ಲಿದ್ದಾರೆ. ಎನ್‌ಡಿಎ ಮತ್ತು ಮಹಾಘಟಬಂಧನ್ ನಡುವೆ ನೇರ ಹಣಾಹಣಿ ಏರ್ಪಟ್ಟಿದ್ದು, ಜನ ಸುರಾಜ್ ಪಕ್ಷವೂ ಸ್ಪರ್ಧೆಯಲ್ಲಿದೆ. ಸೀಮಾಂಚಲ ಮತ್ತು ಮಗಧ ಪ್ರದೇಶಗಳ ಕ್ಷೇತ್ರಗಳು ನಿರ್ಣಾಯಕ ಎನ್ನಲಾಗಿದೆ. ಇಂದಿ ಬಲಬಿಂದ ಯಾರು? ಹೈದರಾಬಾದ್ ಸಂಸದ ಅಸಾದುದ್ದೀನ್ ಒವೈಸಿ ಅವರ ಎಐಎಂಐಎಂ ಪಕ್ಷವೂ ಸೀಮಾಂಚಲದಲ್ಲಿ ಸ್ಪರ್ಧಿಸುತ್ತಿದ್ದು, ಮಹಾಘಟಬಂಧನ್ ಮತಗಳ ಮೇಲೆ ಪರಿಣಾಮ ಬೀರುವ ಸಾಧ್ಯತೆ ಇದೆ.
